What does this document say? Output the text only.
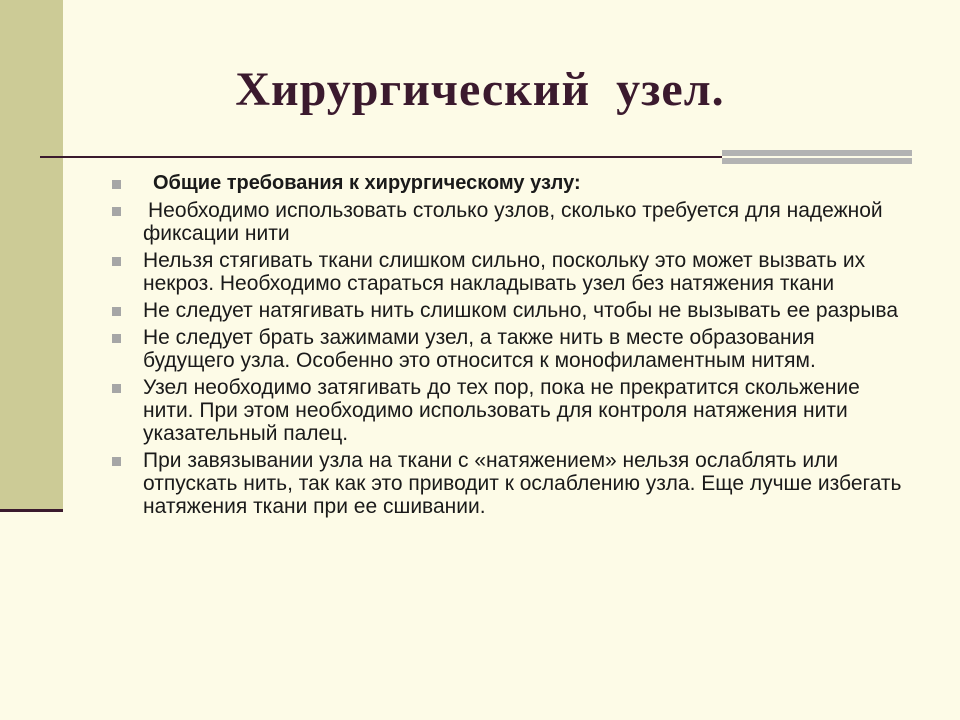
Хирургический  узел.
Общие требования к хирургическому узлу:
Необходимо использовать столько узлов, сколько требуется для надежной фиксации нити
Нельзя стягивать ткани слишком сильно, поскольку это может вызвать их некроз. Необходимо стараться накладывать узел без натяжения ткани
Не следует натягивать нить слишком сильно, чтобы не вызывать ее разрыва
Не следует брать зажимами узел, а также нить в месте образования будущего узла. Особенно это относится к монофиламентным нитям.
Узел необходимо затягивать до тех пор, пока не прекратится скольжение нити. При этом необходимо использовать для контроля натяжения нити указательный палец.
При завязывании узла на ткани с «натяжением» нельзя ослаблять или отпускать нить, так как это приводит к ослаблению узла. Еще лучше избегать натяжения ткани при ее сшивании.
